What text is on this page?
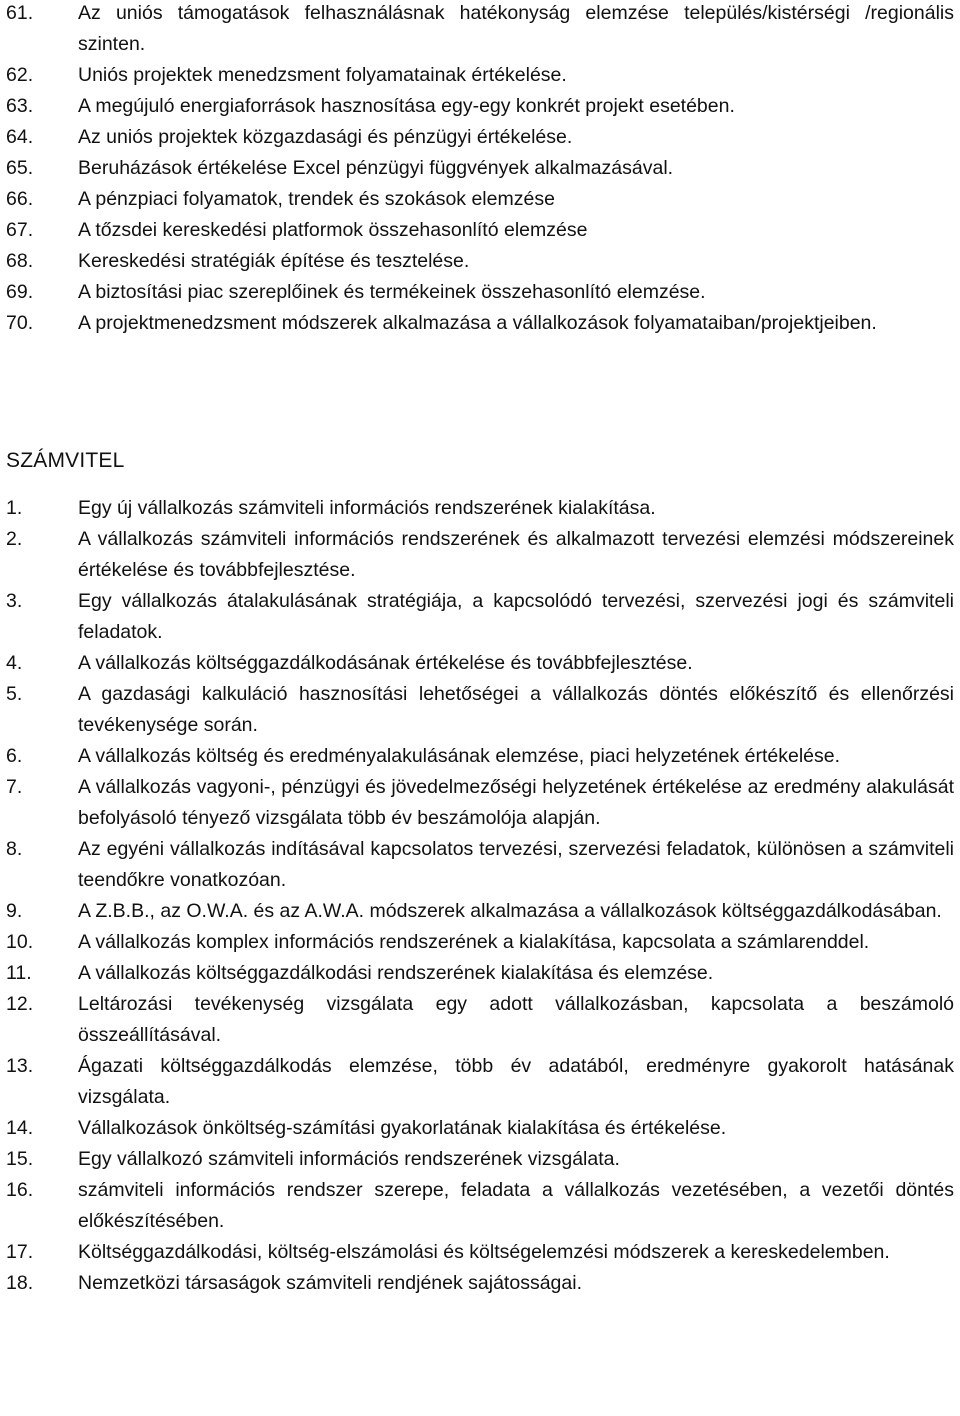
61.	Az uniós támogatások felhasználásnak hatékonyság elemzése település/kistérségi /regionális szinten.
62.	Uniós projektek menedzsment folyamatainak értékelése.
63.	A megújuló energiaforrások hasznosítása egy-egy konkrét projekt esetében.
64.	Az uniós projektek közgazdasági és pénzügyi értékelése.
65.	Beruházások értékelése Excel pénzügyi függvények alkalmazásával.
66.	A pénzpiaci folyamatok, trendek és szokások elemzése
67.	A tőzsdei kereskedési platformok összehasonlító elemzése
68.	Kereskedési stratégiák építése és tesztelése.
69.	A biztosítási piac szereplőinek és termékeinek összehasonlító elemzése.
70.	A projektmenedzsment módszerek alkalmazása a vállalkozások folyamataiban/projektjeiben.
SZÁMVITEL
1.	Egy új vállalkozás számviteli információs rendszerének kialakítása.
2.	A vállalkozás számviteli információs rendszerének és alkalmazott tervezési elemzési módszereinek értékelése és továbbfejlesztése.
3.	Egy vállalkozás átalakulásának stratégiája, a kapcsolódó tervezési, szervezési jogi és számviteli feladatok.
4.	A vállalkozás költséggazdálkodásának értékelése és továbbfejlesztése.
5.	A gazdasági kalkuláció hasznosítási lehetőségei a vállalkozás döntés előkészítő és ellenőrzési tevékenysége során.
6.	A vállalkozás költség és eredményalakulásának elemzése, piaci helyzetének értékelése.
7.	A vállalkozás vagyoni-, pénzügyi és jövedelmezőségi helyzetének értékelése az eredmény alakulását befolyásoló tényező vizsgálata több év beszámolója alapján.
8.	Az egyéni vállalkozás indításával kapcsolatos tervezési, szervezési feladatok, különösen a számviteli teendőkre vonatkozóan.
9.	A Z.B.B., az O.W.A. és az A.W.A. módszerek alkalmazása a vállalkozások költséggazdálkodásában.
10.	A vállalkozás komplex információs rendszerének a kialakítása, kapcsolata a számlarenddel.
11.	A vállalkozás költséggazdálkodási rendszerének kialakítása és elemzése.
12.	Leltározási tevékenység vizsgálata egy adott vállalkozásban, kapcsolata a beszámoló összeállításával.
13.	Ágazati költséggazdálkodás elemzése, több év adatából, eredményre gyakorolt hatásának vizsgálata.
14.	Vállalkozások önköltség-számítási gyakorlatának kialakítása és értékelése.
15.	Egy vállalkozó számviteli információs rendszerének vizsgálata.
16.	számviteli információs rendszer szerepe, feladata a vállalkozás vezetésében, a vezetői döntés előkészítésében.
17.	Költséggazdálkodási, költség-elszámolási és költségelemzési módszerek a kereskedelemben.
18.	Nemzetközi társaságok számviteli rendjének sajátosságai.
